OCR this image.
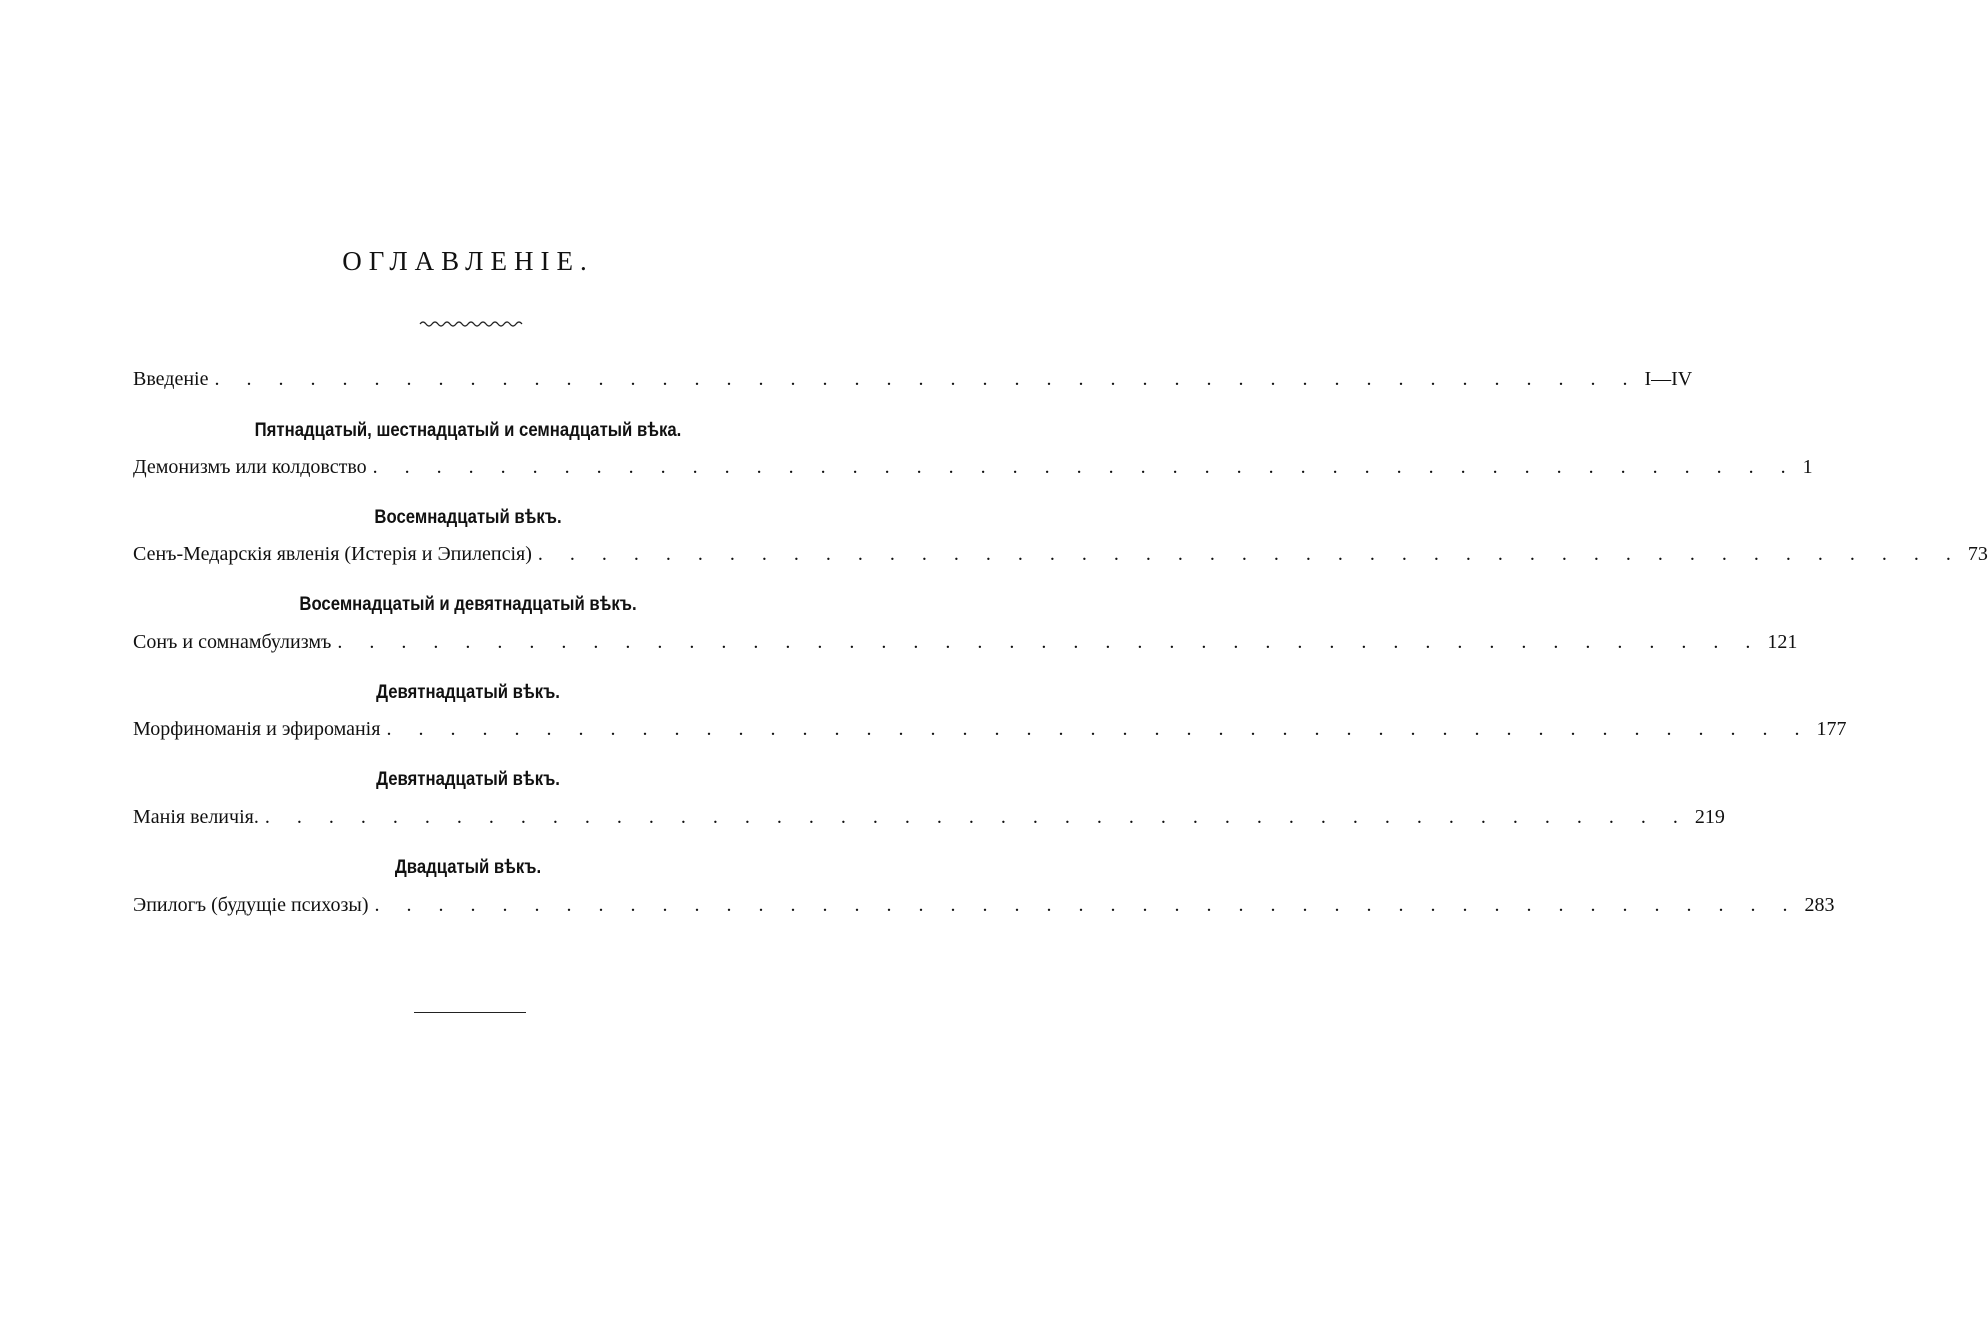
ОГЛАВЛЕНІЕ.
Введеніе . . . . . . . . . . . . . . . . . . . . . . . . . . . . . . . . . . . . . . . . . . . . . I—IV
Пятнадцатый, шестнадцатый и семнадцатый вѣка.
Демонизмъ или колдовство . . . . . . . . . . . . . . . . . . . . . . . . . . . . . . . . . . . . . . . . . . . . . 1
Восемнадцатый вѣкъ.
Сенъ-Медарскія явленія (Истерія и Эпилепсія) . . . . . . . . . . . . . . . . . . . . . . . . . . . . . . . . . . . . . . . . . . . . . 73
Восемнадцатый и девятнадцатый вѣкъ.
Сонъ и сомнамбулизмъ . . . . . . . . . . . . . . . . . . . . . . . . . . . . . . . . . . . . . . . . . . . . . 121
Девятнадцатый вѣкъ.
Морфиноманія и эфироманія . . . . . . . . . . . . . . . . . . . . . . . . . . . . . . . . . . . . . . . . . . . . . 177
Девятнадцатый вѣкъ.
Манія величія. . . . . . . . . . . . . . . . . . . . . . . . . . . . . . . . . . . . . . . . . . . . . . 219
Двадцатый вѣкъ.
Эпилогъ (будущіе психозы) . . . . . . . . . . . . . . . . . . . . . . . . . . . . . . . . . . . . . . . . . . . . . 283
